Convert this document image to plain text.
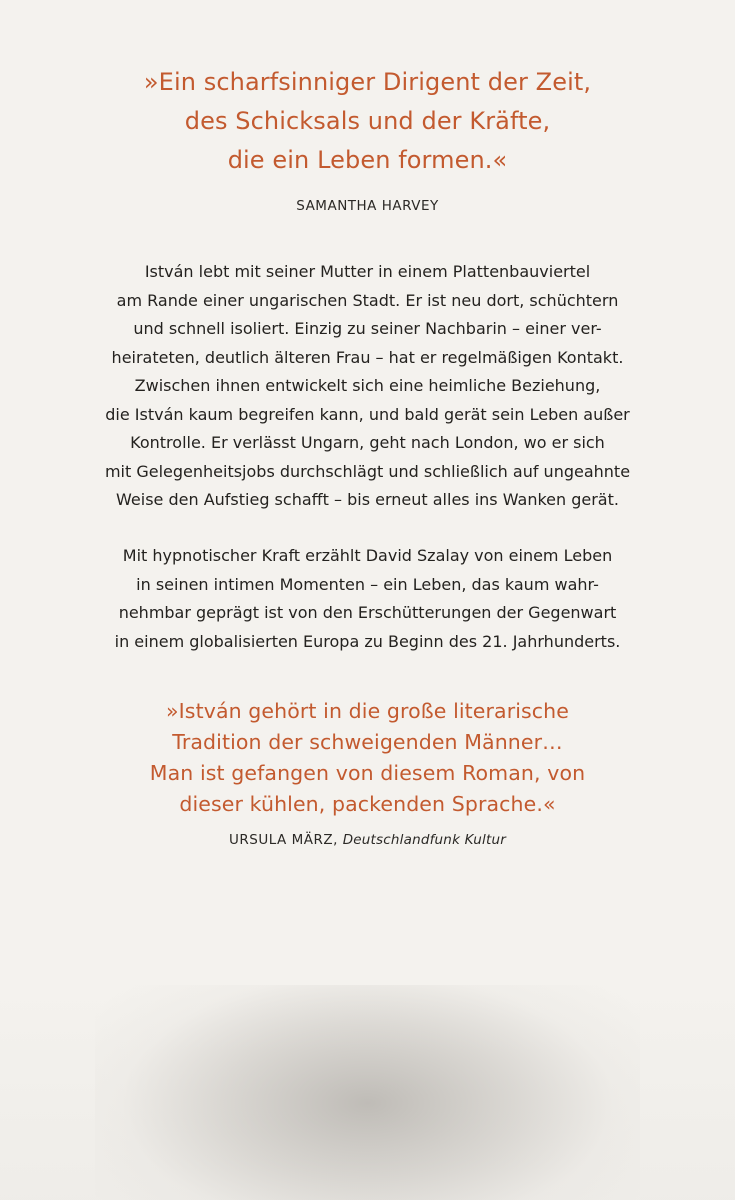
»Ein scharfsinniger Dirigent der Zeit,
des Schicksals und der Kräfte,
die ein Leben formen.«
SAMANTHA HARVEY
István lebt mit seiner Mutter in einem Plattenbauviertel
am Rande einer ungarischen Stadt. Er ist neu dort, schüchtern
und schnell isoliert. Einzig zu seiner Nachbarin – einer ver-
heirateten, deutlich älteren Frau – hat er regelmäßigen Kontakt.
Zwischen ihnen entwickelt sich eine heimliche Beziehung,
die István kaum begreifen kann, und bald gerät sein Leben außer
Kontrolle. Er verlässt Ungarn, geht nach London, wo er sich
mit Gelegenheitsjobs durchschlägt und schließlich auf ungeahnte
Weise den Aufstieg schafft – bis erneut alles ins Wanken gerät.
Mit hypnotischer Kraft erzählt David Szalay von einem Leben
in seinen intimen Momenten – ein Leben, das kaum wahr-
nehmbar geprägt ist von den Erschütterungen der Gegenwart
in einem globalisierten Europa zu Beginn des 21. Jahrhunderts.
»István gehört in die große literarische
Tradition der schweigenden Männer…
Man ist gefangen von diesem Roman, von
dieser kühlen, packenden Sprache.«
URSULA MÄRZ, Deutschlandfunk Kultur
